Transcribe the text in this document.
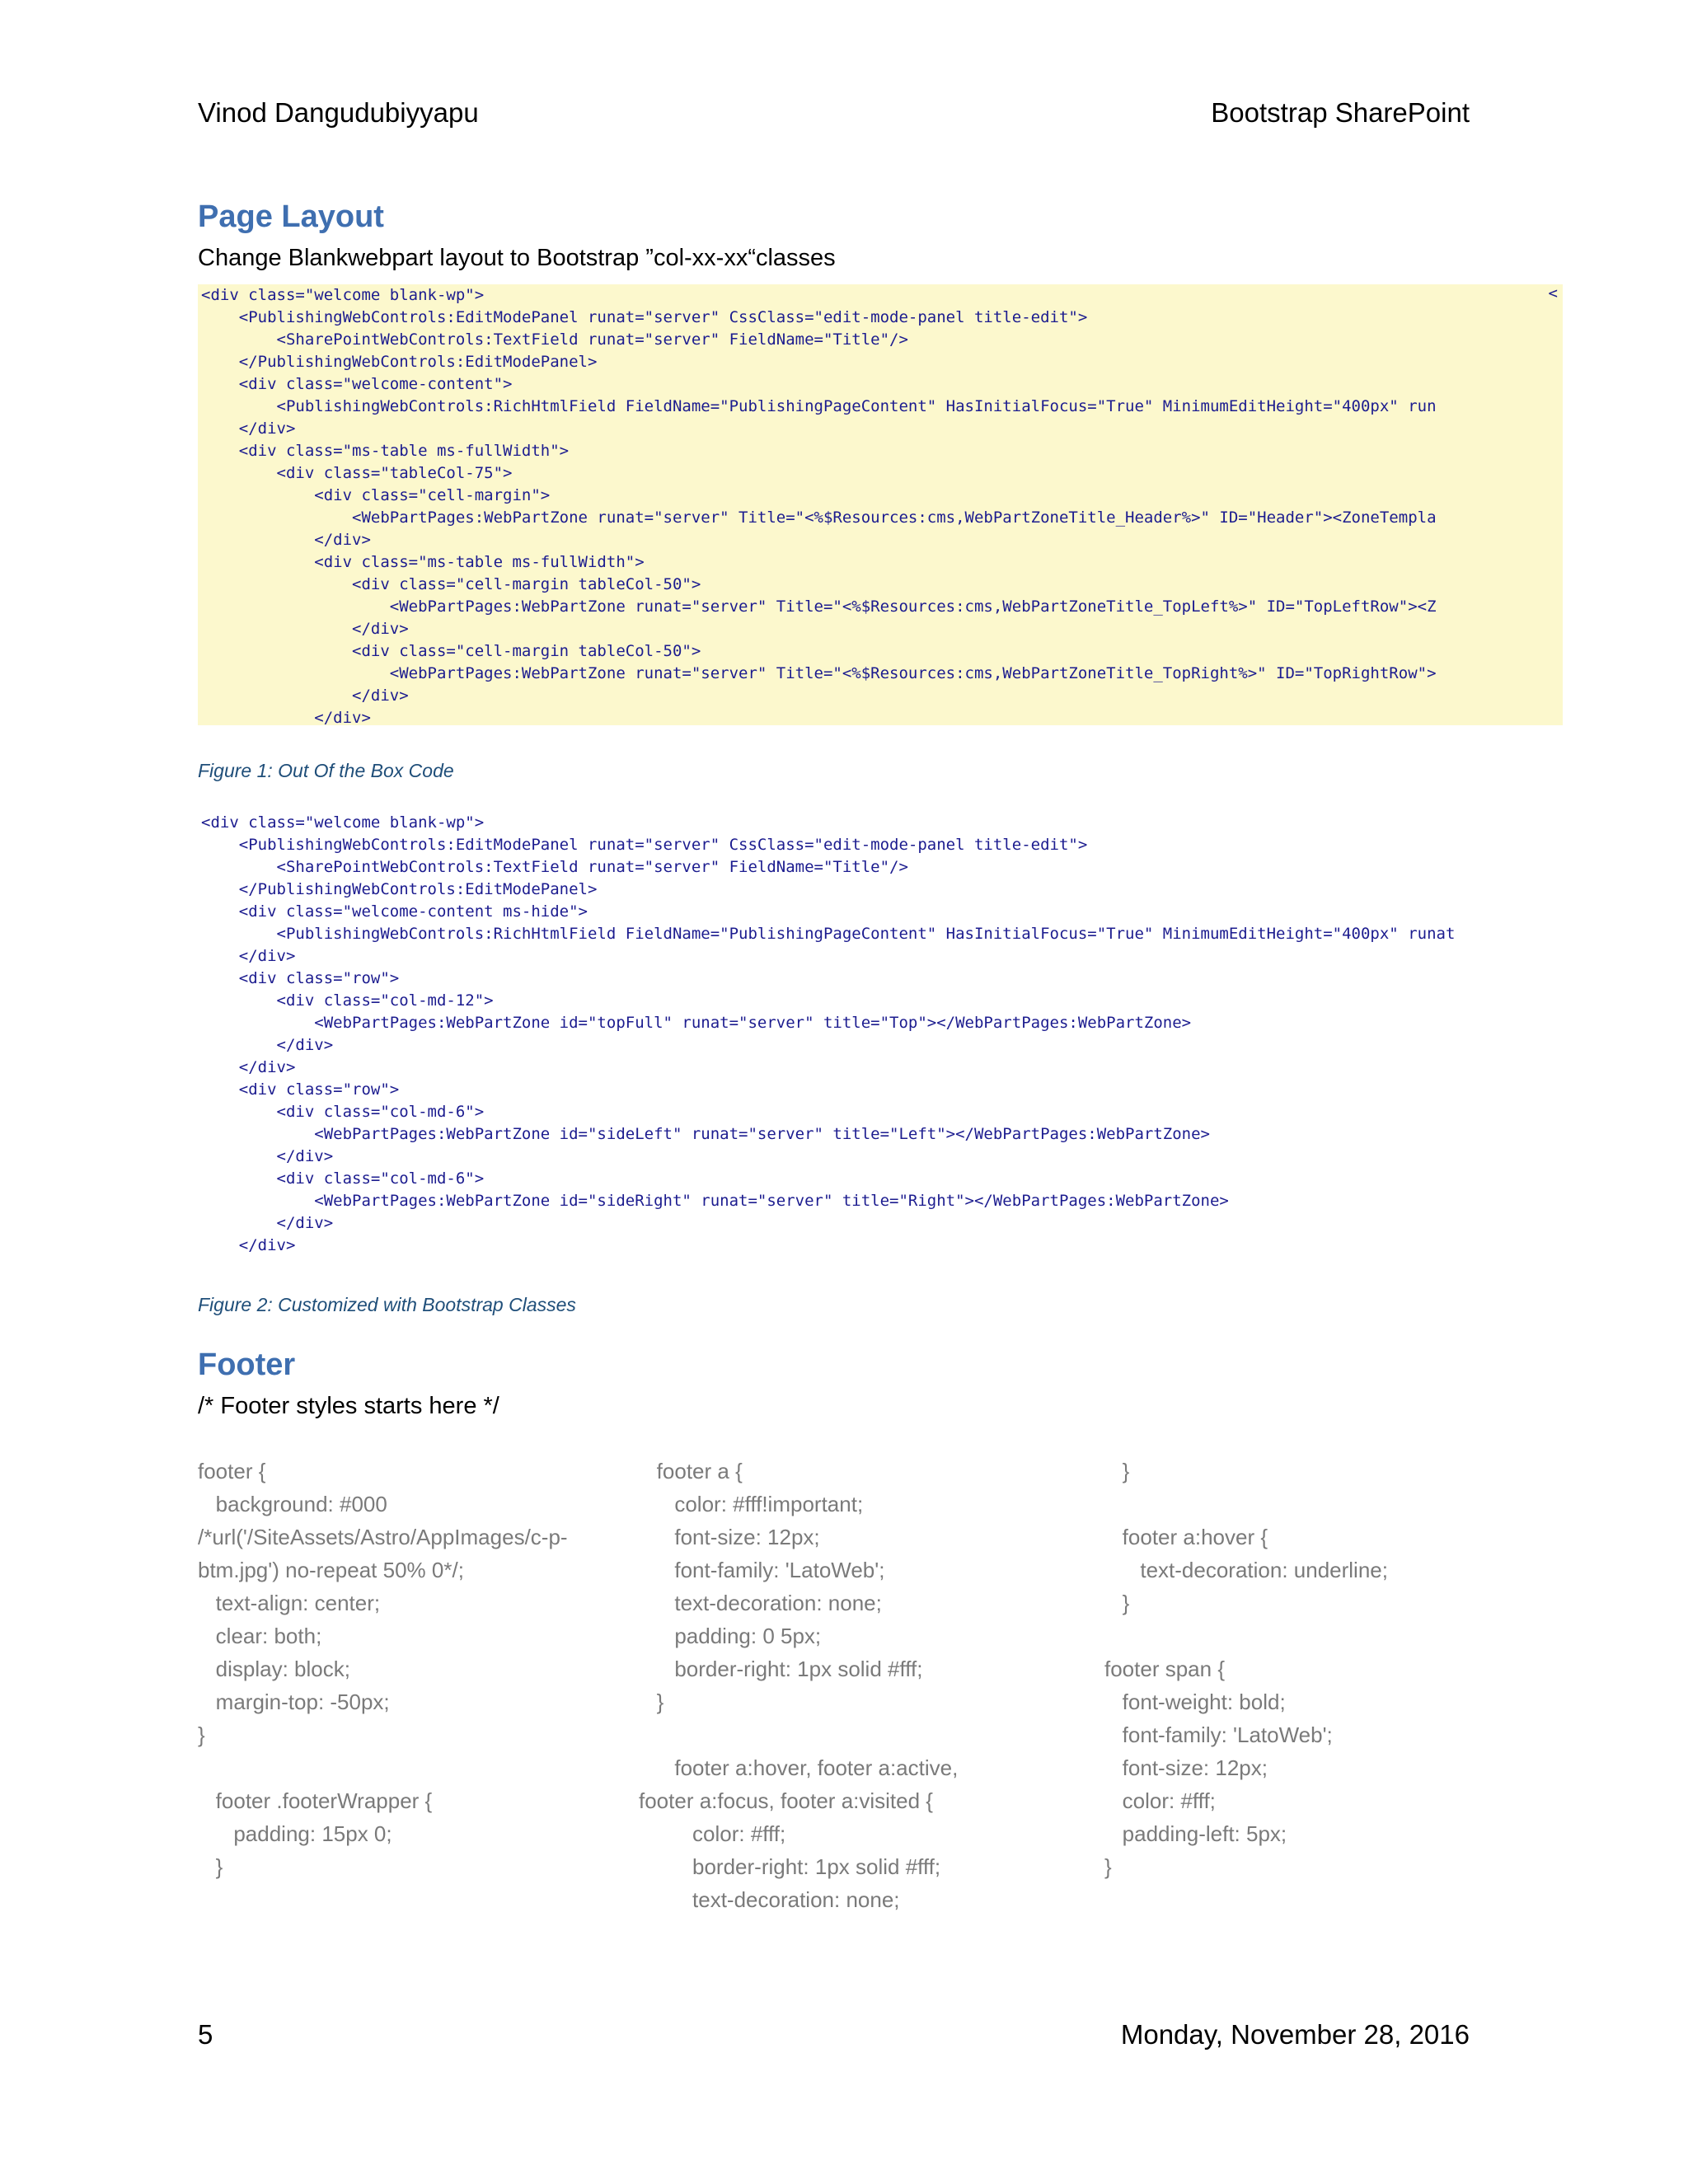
Vinod Dangudubiyyapu	Bootstrap SharePoint
Page Layout
Change Blankwebpart layout to Bootstrap ”col-xx-xx“classes
<
<div class="welcome blank-wp">
<PublishingWebControls:EditModePanel runat="server" CssClass="edit-mode-panel title-edit">
<SharePointWebControls:TextField runat="server" FieldName="Title"/>
</PublishingWebControls:EditModePanel>
<div class="welcome-content">
<PublishingWebControls:RichHtmlField FieldName="PublishingPageContent" HasInitialFocus="True" MinimumEditHeight="400px" run
</div>
<div class="ms-table ms-fullWidth">
<div class="tableCol-75">
<div class="cell-margin">
<WebPartPages:WebPartZone runat="server" Title="<%$Resources:cms,WebPartZoneTitle_Header%>" ID="Header"><ZoneTempla
</div>
<div class="ms-table ms-fullWidth">
<div class="cell-margin tableCol-50">
<WebPartPages:WebPartZone runat="server" Title="<%$Resources:cms,WebPartZoneTitle_TopLeft%>" ID="TopLeftRow"><Z
</div>
<div class="cell-margin tableCol-50">
<WebPartPages:WebPartZone runat="server" Title="<%$Resources:cms,WebPartZoneTitle_TopRight%>" ID="TopRightRow">
</div>
</div>
Figure 1: Out Of the Box Code
<div class="welcome blank-wp">
<PublishingWebControls:EditModePanel runat="server" CssClass="edit-mode-panel title-edit">
<SharePointWebControls:TextField runat="server" FieldName="Title"/>
</PublishingWebControls:EditModePanel>
<div class="welcome-content ms-hide">
<PublishingWebControls:RichHtmlField FieldName="PublishingPageContent" HasInitialFocus="True" MinimumEditHeight="400px" runat
</div>
<div class="row">
<div class="col-md-12">
<WebPartPages:WebPartZone id="topFull" runat="server" title="Top"></WebPartPages:WebPartZone>
</div>
</div>
<div class="row">
<div class="col-md-6">
<WebPartPages:WebPartZone id="sideLeft" runat="server" title="Left"></WebPartPages:WebPartZone>
</div>
<div class="col-md-6">
<WebPartPages:WebPartZone id="sideRight" runat="server" title="Right"></WebPartPages:WebPartZone>
</div>
</div>
Figure 2: Customized with Bootstrap Classes
Footer
/* Footer styles starts here */
footer {
background: #000
/*url('/SiteAssets/Astro/AppImages/c-p-
btm.jpg') no-repeat 50% 0*/;
text-align: center;
clear: both;
display: block;
margin-top: -50px;
}

footer .footerWrapper {
padding: 15px 0;
}
footer a {
color: #fff!important;
font-size: 12px;
font-family: 'LatoWeb';
text-decoration: none;
padding: 0 5px;
border-right: 1px solid #fff;
}

footer a:hover, footer a:active,
footer a:focus, footer a:visited {
color: #fff;
border-right: 1px solid #fff;
text-decoration: none;
}

footer a:hover {
text-decoration: underline;
}

footer span {
font-weight: bold;
font-family: 'LatoWeb';
font-size: 12px;
color: #fff;
padding-left: 5px;
}
5	Monday, November 28, 2016
